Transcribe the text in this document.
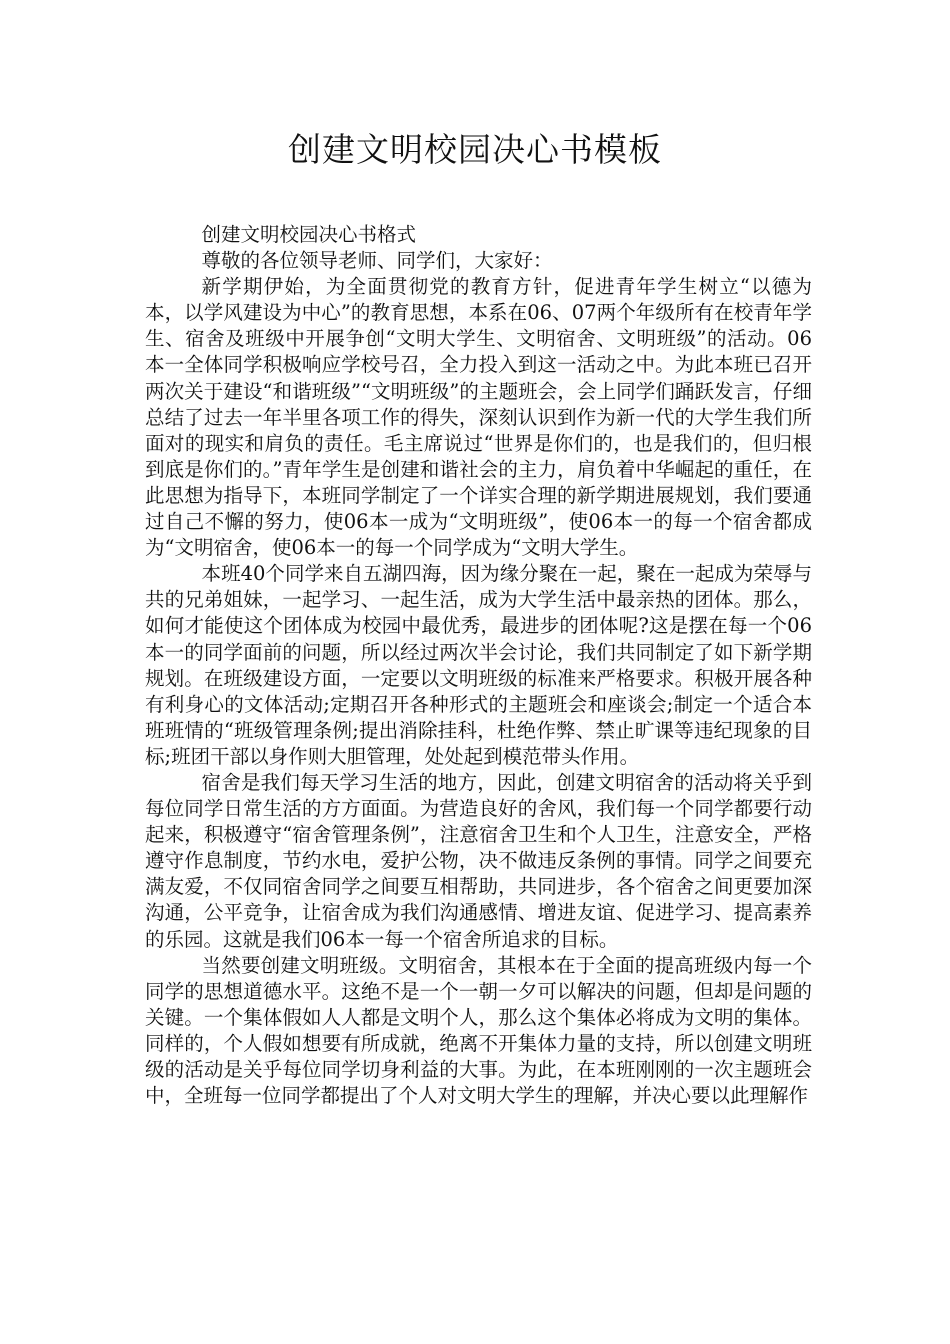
创建文明校园决心书模板

创建文明校园决心书格式

尊敬的各位领导老师、同学们，大家好：

新学期伊始，为全面贯彻党的教育方针，促进青年学生树立“以德为本，以学风建设为中心”的教育思想，本系在06、07两个年级所有在校青年学生、宿舍及班级中开展争创“文明大学生、文明宿舍、文明班级”的活动。06本一全体同学积极响应学校号召，全力投入到这一活动之中。为此本班已召开两次关于建设“和谐班级”“文明班级”的主题班会，会上同学们踊跃发言，仔细总结了过去一年半里各项工作的得失，深刻认识到作为新一代的大学生我们所面对的现实和肩负的责任。毛主席说过“世界是你们的，也是我们的，但归根到底是你们的。”青年学生是创建和谐社会的主力，肩负着中华崛起的重任，在此思想为指导下，本班同学制定了一个详实合理的新学期进展规划，我们要通过自己不懈的努力，使06本一成为“文明班级”，使06本一的每一个宿舍都成为“文明宿舍，使06本一的每一个同学成为“文明大学生。

本班40个同学来自五湖四海，因为缘分聚在一起，聚在一起成为荣辱与共的兄弟姐妹，一起学习、一起生活，成为大学生活中最亲热的团体。那么，如何才能使这个团体成为校园中最优秀，最进步的团体呢?这是摆在每一个06本一的同学面前的问题，所以经过两次半会讨论，我们共同制定了如下新学期规划。在班级建设方面，一定要以文明班级的标准来严格要求。积极开展各种有利身心的文体活动;定期召开各种形式的主题班会和座谈会;制定一个适合本班班情的“班级管理条例;提出消除挂科，杜绝作弊、禁止旷课等违纪现象的目标;班团干部以身作则大胆管理，处处起到模范带头作用。

宿舍是我们每天学习生活的地方，因此，创建文明宿舍的活动将关乎到每位同学日常生活的方方面面。为营造良好的舍风，我们每一个同学都要行动起来，积极遵守“宿舍管理条例”，注意宿舍卫生和个人卫生，注意安全，严格遵守作息制度，节约水电，爱护公物，决不做违反条例的事情。同学之间要充满友爱，不仅同宿舍同学之间要互相帮助，共同进步，各个宿舍之间更要加深沟通，公平竞争，让宿舍成为我们沟通感情、增进友谊、促进学习、提高素养的乐园。这就是我们06本一每一个宿舍所追求的目标。

当然要创建文明班级。文明宿舍，其根本在于全面的提高班级内每一个同学的思想道德水平。这绝不是一个一朝一夕可以解决的问题，但却是问题的关键。一个集体假如人人都是文明个人，那么这个集体必将成为文明的集体。同样的，个人假如想要有所成就，绝离不开集体力量的支持，所以创建文明班级的活动是关乎每位同学切身利益的大事。为此，在本班刚刚的一次主题班会中，全班每一位同学都提出了个人对文明大学生的理解，并决心要以此理解作
